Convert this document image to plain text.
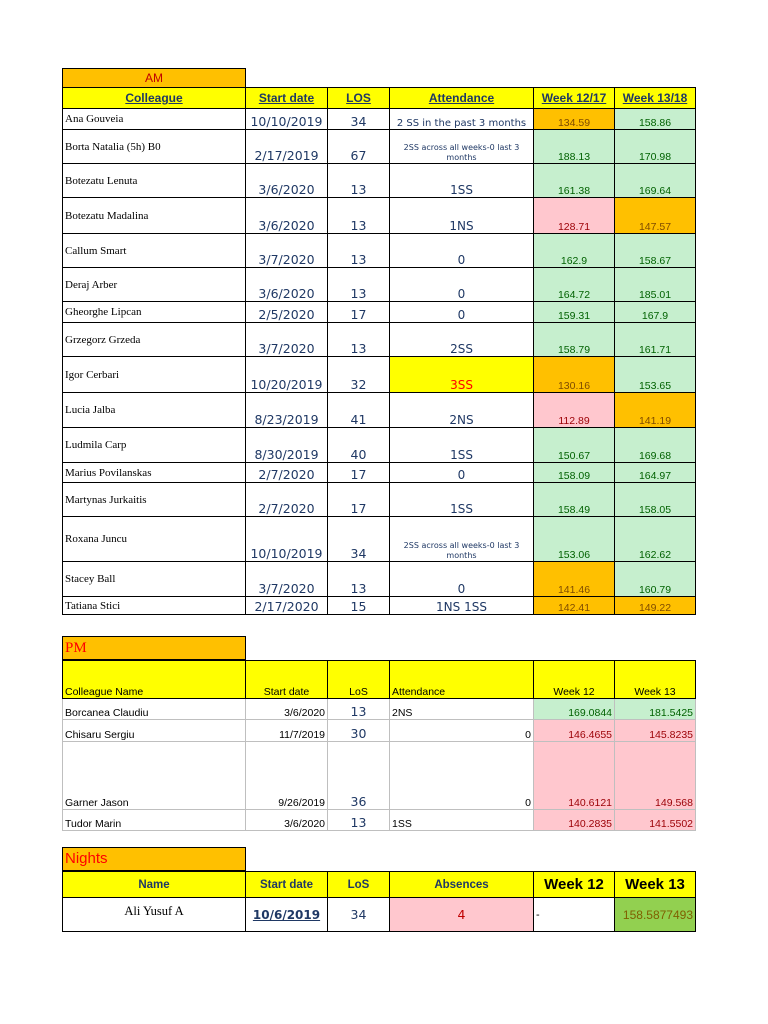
AM
Colleague	Start date	LOS	Attendance	Week 12/17	Week 13/18
Ana Gouveia	10/10/2019	34	2 SS in the past 3 months	134.59	158.86
Borta Natalia (5h) B0	2/17/2019	67	2SS across all weeks-0 last 3 months	188.13	170.98
Botezatu Lenuta	3/6/2020	13	1SS	161.38	169.64
Botezatu Madalina	3/6/2020	13	1NS	128.71	147.57
Callum Smart	3/7/2020	13	0	162.9	158.67
Deraj Arber	3/6/2020	13	0	164.72	185.01
Gheorghe Lipcan	2/5/2020	17	0	159.31	167.9
Grzegorz Grzeda	3/7/2020	13	2SS	158.79	161.71
Igor Cerbari	10/20/2019	32	3SS	130.16	153.65
Lucia Jalba	8/23/2019	41	2NS	112.89	141.19
Ludmila Carp	8/30/2019	40	1SS	150.67	169.68
Marius Povilanskas	2/7/2020	17	0	158.09	164.97
Martynas Jurkaitis	2/7/2020	17	1SS	158.49	158.05
Roxana Juncu	10/10/2019	34	2SS across all weeks-0 last 3 months	153.06	162.62
Stacey Ball	3/7/2020	13	0	141.46	160.79
Tatiana Stici	2/17/2020	15	1NS 1SS	142.41	149.22
PM
Colleague Name	Start date	LoS	Attendance	Week 12	Week 13
Borcanea Claudiu	3/6/2020	13	2NS	169.0844	181.5425
Chisaru Sergiu	11/7/2019	30	0	146.4655	145.8235
Garner Jason	9/26/2019	36	0	140.6121	149.568
Tudor Marin	3/6/2020	13	1SS	140.2835	141.5502
Nights
Name	Start date	LoS	Absences	Week 12	Week 13
Ali Yusuf A	10/6/2019	34	4	-	158.5877493
